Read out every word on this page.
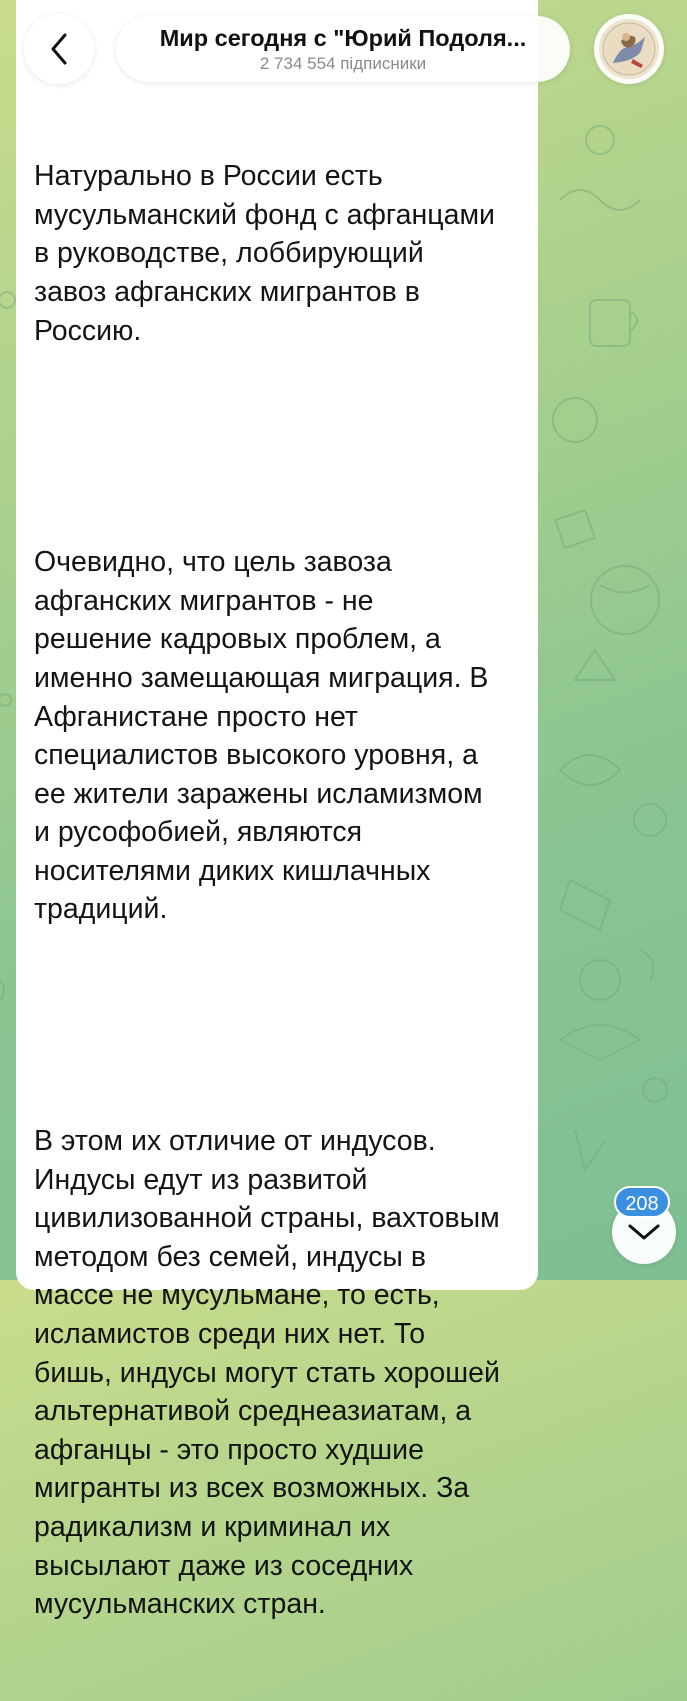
Натурально в России есть
мусульманский фонд с афганцами
в руководстве, лоббирующий
завоз афганских мигрантов в
Россию.

Очевидно, что цель завоза
афганских мигрантов - не
решение кадровых проблем, а
именно замещающая миграция. В
Афганистане просто нет
специалистов высокого уровня, а
ее жители заражены исламизмом
и русофобией, являются
носителями диких кишлачных
традиций.

В этом их отличие от индусов.
Индусы едут из развитой
цивилизованной страны, вахтовым
методом без семей, индусы в
массе не мусульмане, то есть,
исламистов среди них нет. То
бишь, индусы могут стать хорошей
альтернативой среднеазиатам, а
афганцы - это просто худшие
мигранты из всех возможных. За
радикализм и криминал их
высылают даже из соседних
мусульманских стран.

Мир сегодня с "Юрий Подоля...
2 734 554 підписники
208
